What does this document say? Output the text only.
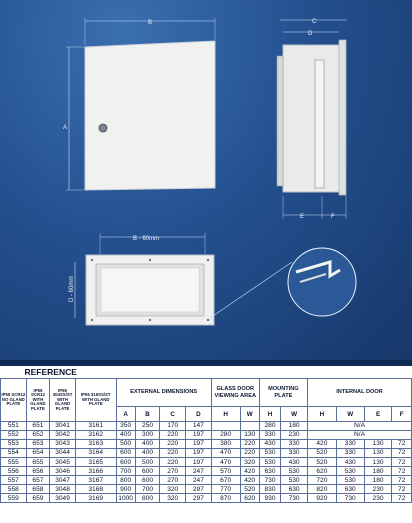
B
A
C
D
E	F
B - 60mm
D - 60mm
REFERENCE															
IP55 SCR12 NO GLAND PLATE	IP55 SCR12 WITH GLAND PLATE	IP55 304SS/ST WITH GLAND PLATE	IP55 316SS/ST WITH GLAND PLATE	EXTERNAL DIMENSIONS				GLASS DOOR VIEWING AREA		MOUNTING PLATE		INTERNAL DOOR			
				A	B	C	D	H	W	H	W	H	W	E	F
551	651	3041	3161	350	250	170	147			280	180	N/A			
552	652	3042	3162	400	300	220	197	280	130	330	230	N/A			
553	653	3043	3163	500	400	220	197	380	220	430	330	420	330	130	72
554	654	3044	3164	600	400	220	197	470	220	530	330	520	330	130	72
555	655	3045	3165	600	500	220	197	470	320	530	430	520	430	130	72
556	656	3046	3166	700	600	270	247	570	420	630	530	620	530	180	72
557	657	3047	3167	800	600	270	247	670	420	730	530	720	530	180	72
558	658	3048	3168	900	700	320	297	770	520	830	630	820	630	230	72
559	659	3049	3169	1000	800	320	297	870	620	930	730	920	730	230	72
